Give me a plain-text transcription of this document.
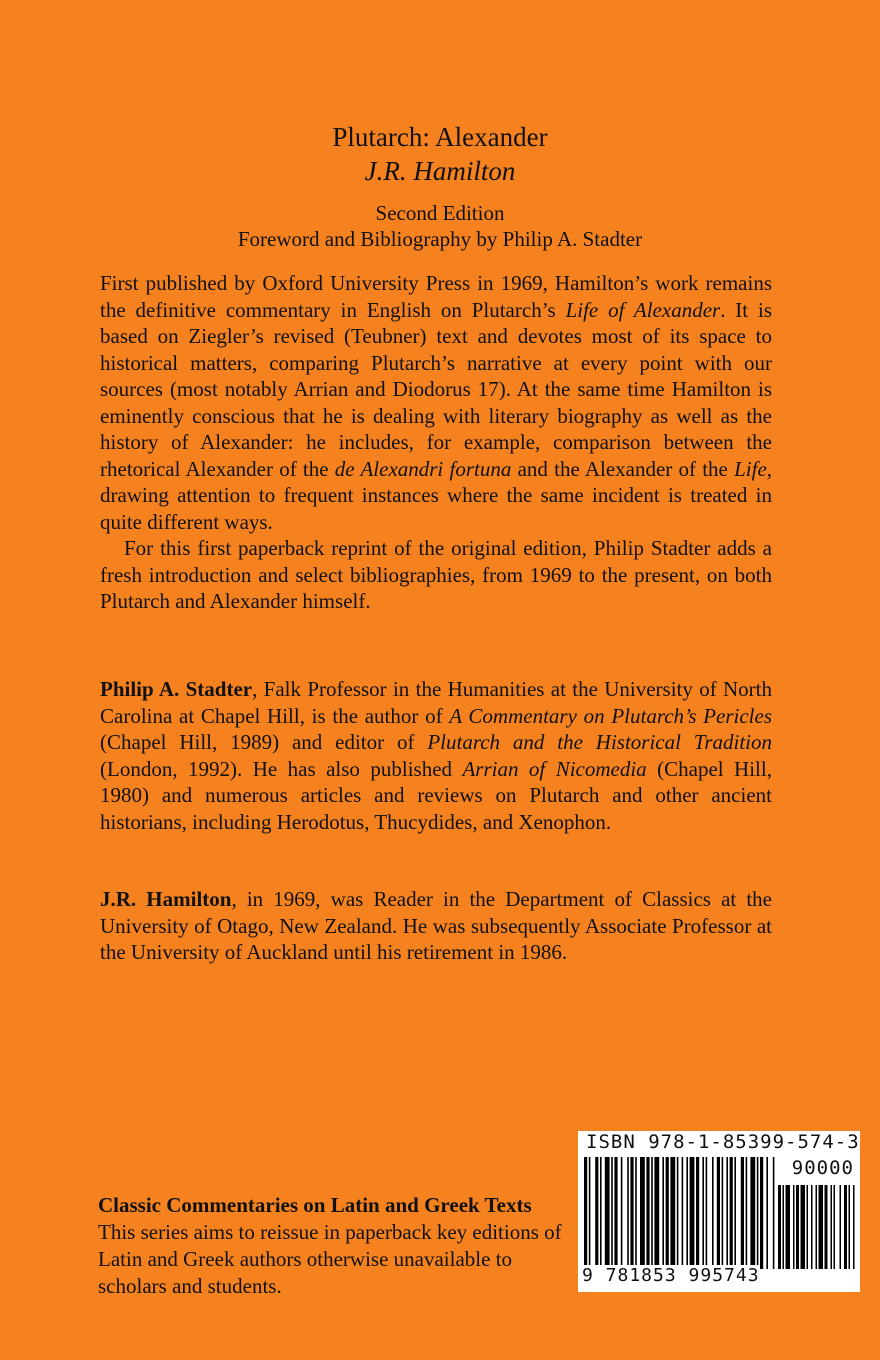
Plutarch: Alexander
J.R. Hamilton
Second Edition
Foreword and Bibliography by Philip A. Stadter

First published by Oxford University Press in 1969, Hamilton’s work remains the definitive commentary in English on Plutarch’s Life of Alexander. It is based on Ziegler’s revised (Teubner) text and devotes most of its space to historical matters, comparing Plutarch’s narrative at every point with our sources (most notably Arrian and Diodorus 17). At the same time Hamilton is eminently conscious that he is dealing with literary biography as well as the history of Alexander: he includes, for example, comparison between the rhetorical Alexander of the de Alexandri fortuna and the Alexander of the Life, drawing attention to frequent instances where the same incident is treated in quite different ways.

For this first paperback reprint of the original edition, Philip Stadter adds a fresh introduction and select bibliographies, from 1969 to the present, on both Plutarch and Alexander himself.

Philip A. Stadter, Falk Professor in the Humanities at the University of North Carolina at Chapel Hill, is the author of A Commentary on Plutarch’s Pericles (Chapel Hill, 1989) and editor of Plutarch and the Historical Tradition (London, 1992). He has also published Arrian of Nicomedia (Chapel Hill, 1980) and numerous articles and reviews on Plutarch and other ancient historians, including Herodotus, Thucydides, and Xenophon.

J.R. Hamilton, in 1969, was Reader in the Department of Classics at the University of Otago, New Zealand. He was subsequently Associate Professor at the University of Auckland until his retirement in 1986.

Classic Commentaries on Latin and Greek Texts
This series aims to reissue in paperback key editions of Latin and Greek authors otherwise unavailable to scholars and students.
ISBN 978-1-85399-574-3
90000
9 781853 995743
